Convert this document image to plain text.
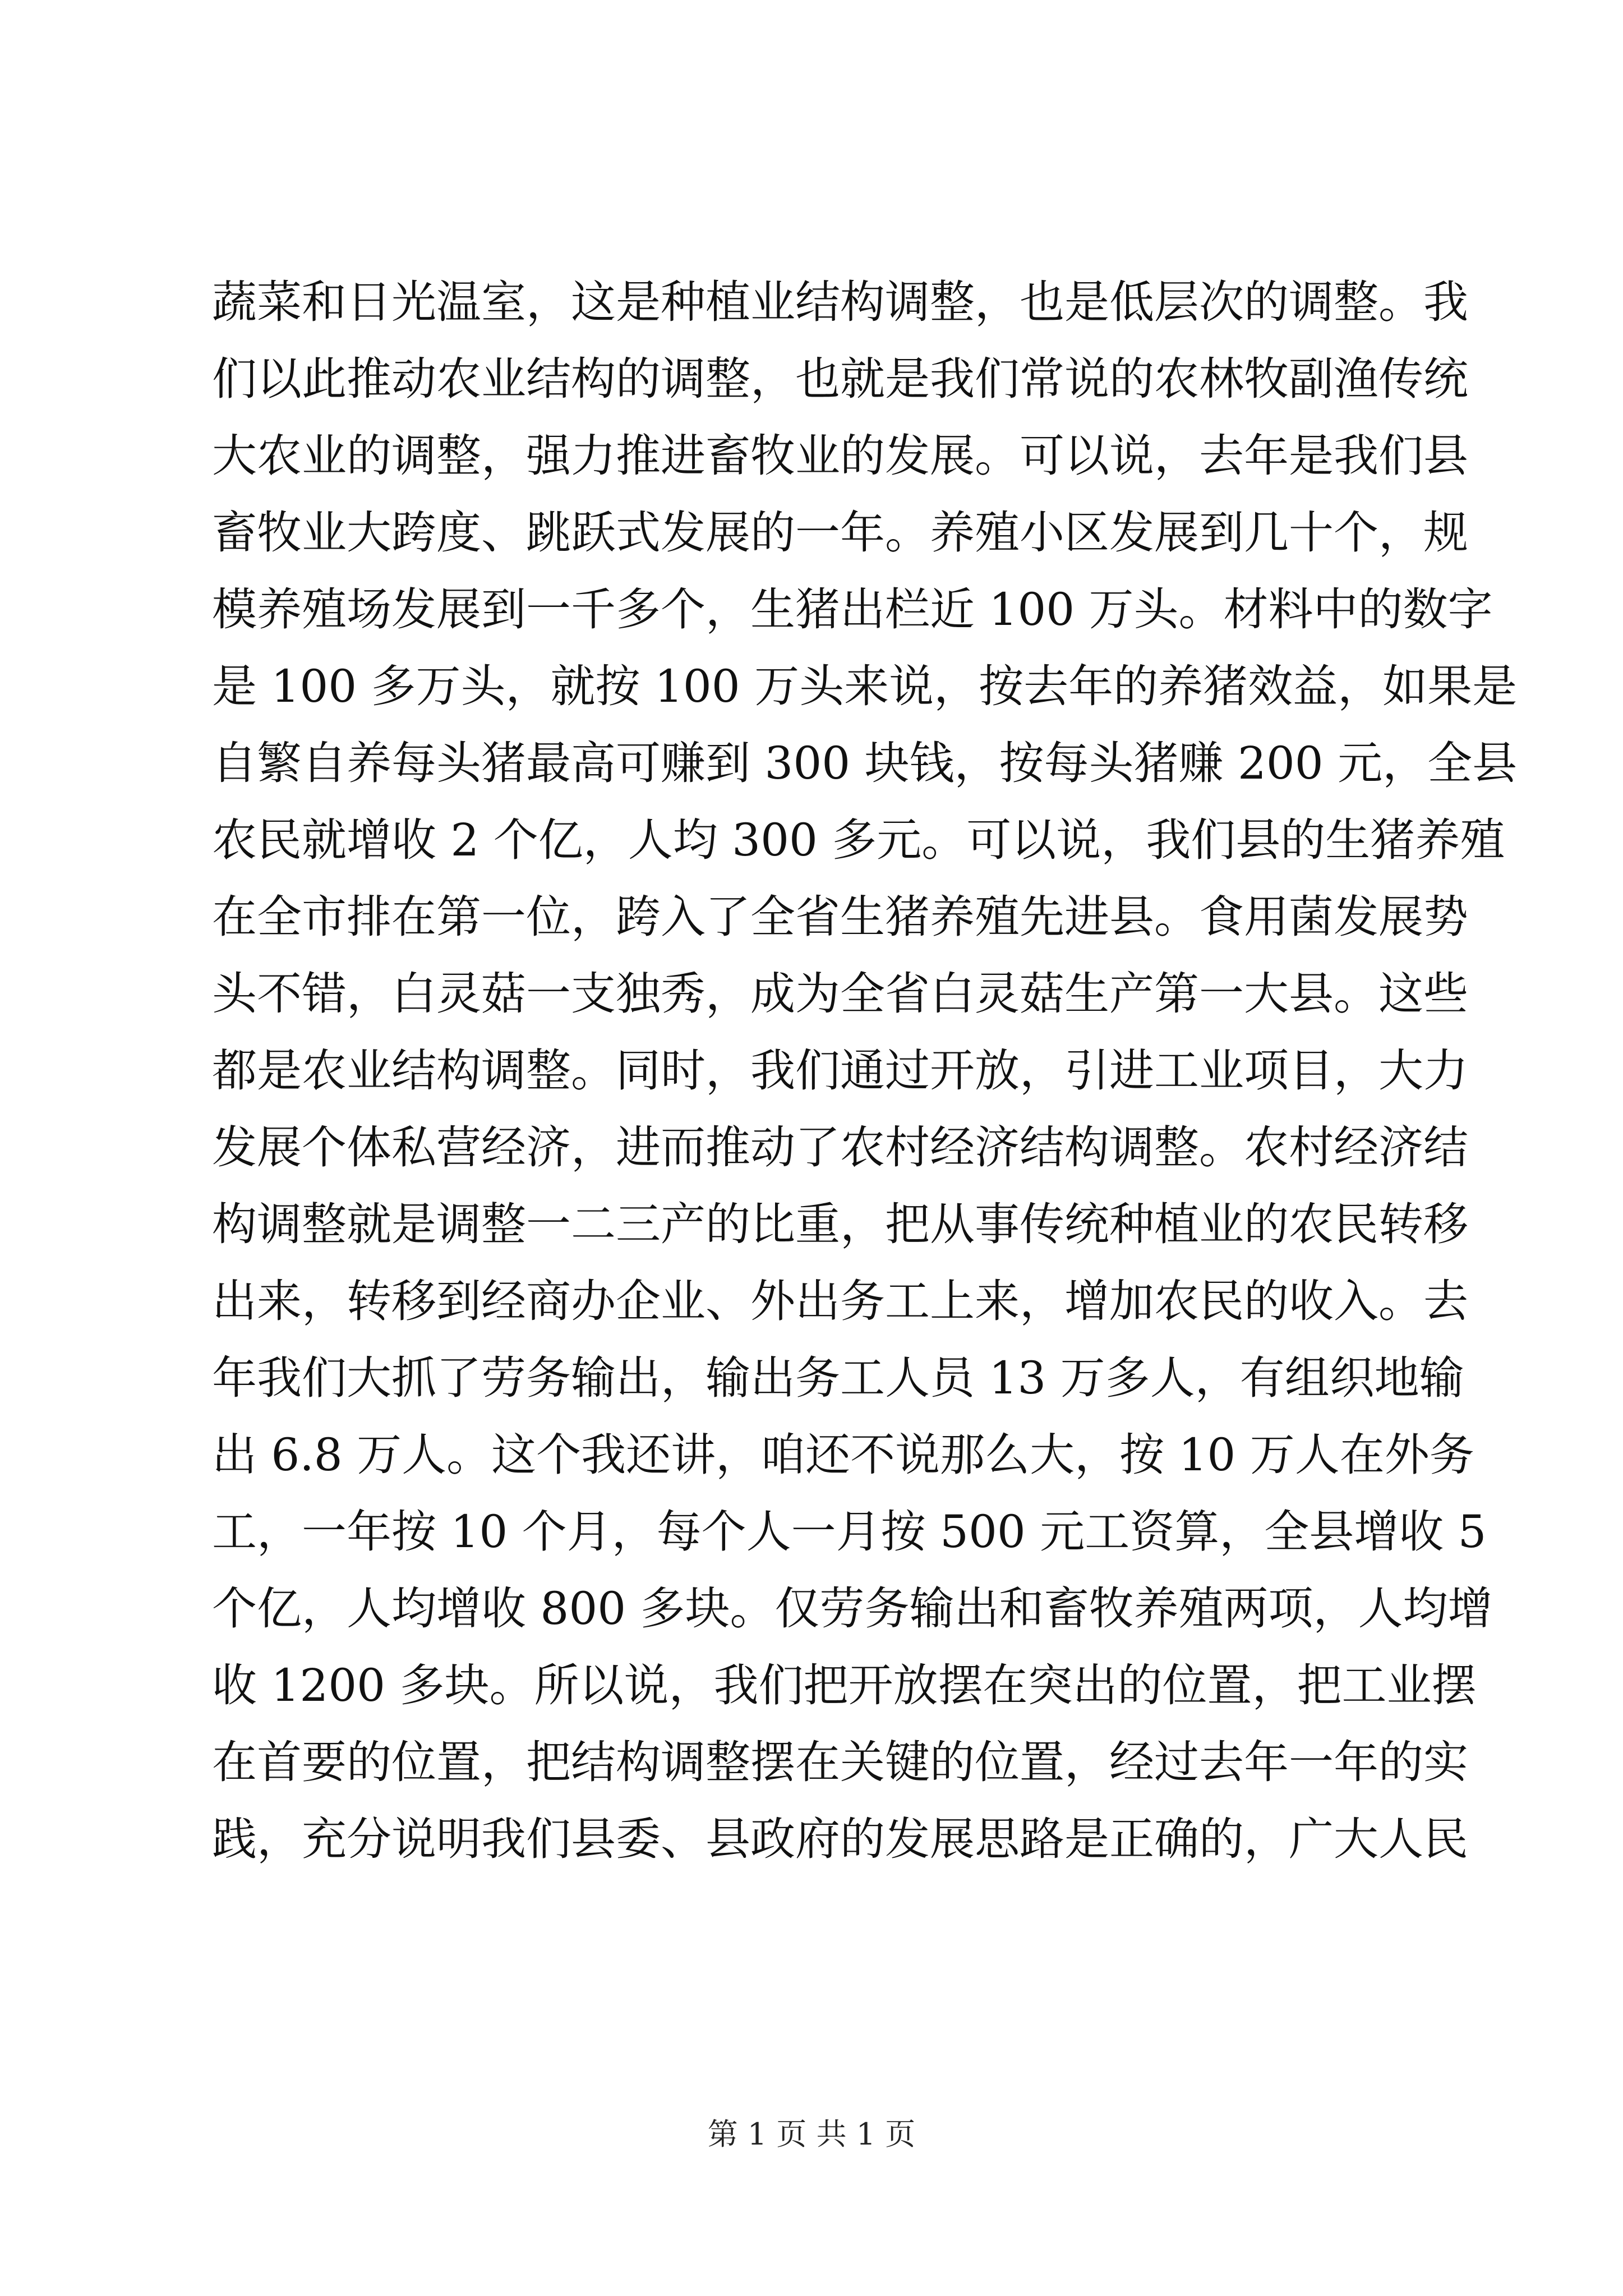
蔬菜和日光温室，这是种植业结构调整，也是低层次的调整。我
们以此推动农业结构的调整，也就是我们常说的农林牧副渔传统
大农业的调整，强力推进畜牧业的发展。可以说，去年是我们县
畜牧业大跨度、跳跃式发展的一年。养殖小区发展到几十个，规
模养殖场发展到一千多个，生猪出栏近 100 万头。材料中的数字
是 100 多万头，就按 100 万头来说，按去年的养猪效益，如果是
自繁自养每头猪最高可赚到 300 块钱，按每头猪赚 200 元，全县
农民就增收 2 个亿，人均 300 多元。可以说，我们县的生猪养殖
在全市排在第一位，跨入了全省生猪养殖先进县。食用菌发展势
头不错，白灵菇一支独秀，成为全省白灵菇生产第一大县。这些
都是农业结构调整。同时，我们通过开放，引进工业项目，大力
发展个体私营经济，进而推动了农村经济结构调整。农村经济结
构调整就是调整一二三产的比重，把从事传统种植业的农民转移
出来，转移到经商办企业、外出务工上来，增加农民的收入。去
年我们大抓了劳务输出，输出务工人员 13 万多人，有组织地输
出 6.8 万人。这个我还讲，咱还不说那么大，按 10 万人在外务
工，一年按 10 个月，每个人一月按 500 元工资算，全县增收 5
个亿，人均增收 800 多块。仅劳务输出和畜牧养殖两项，人均增
收 1200 多块。所以说，我们把开放摆在突出的位置，把工业摆
在首要的位置，把结构调整摆在关键的位置，经过去年一年的实
践，充分说明我们县委、县政府的发展思路是正确的，广大人民
第 1 页 共 1 页
